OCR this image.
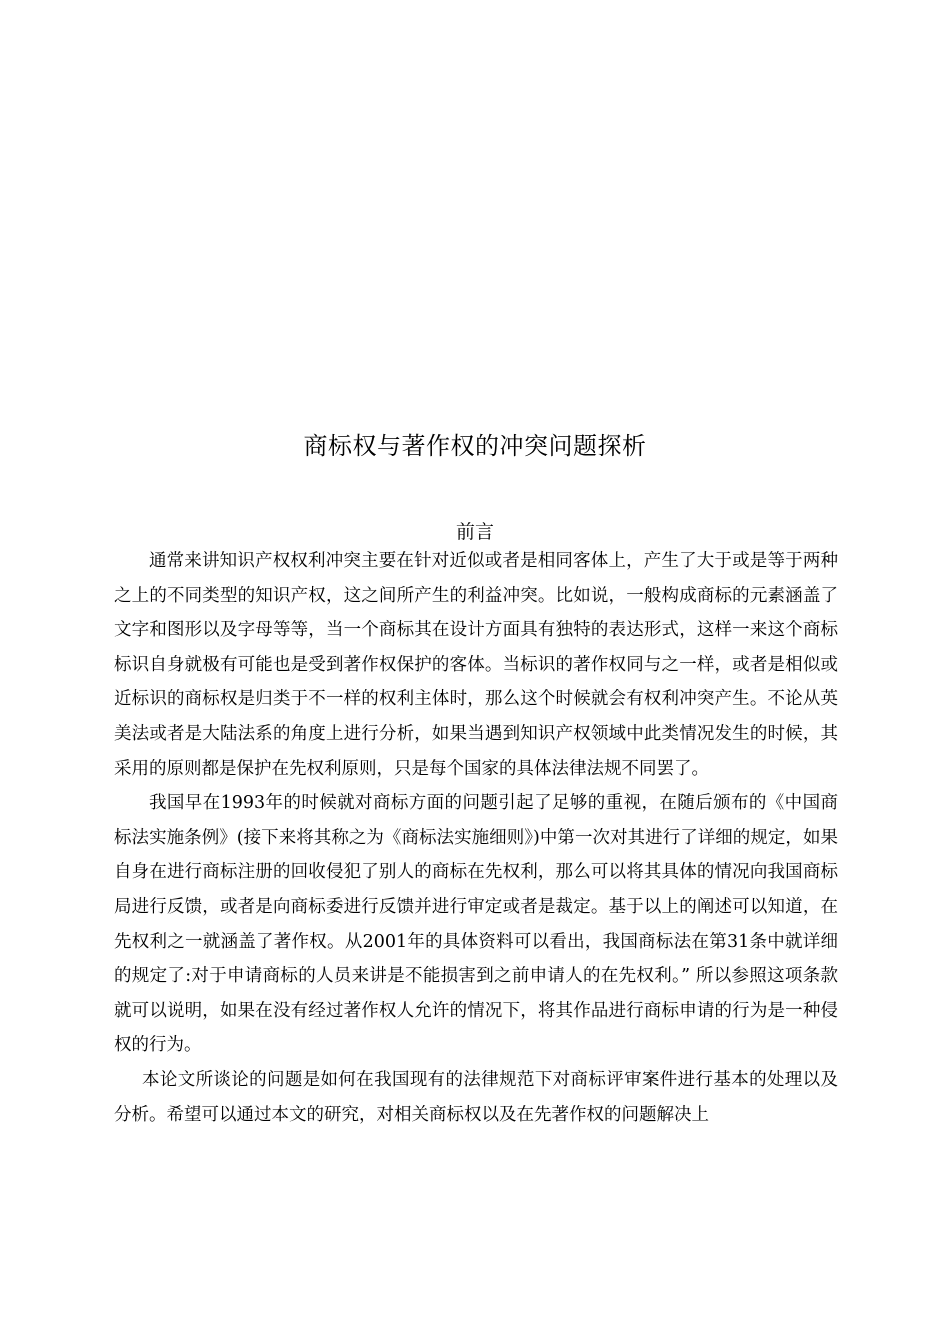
商标权与著作权的冲突问题探析
前言

通常来讲知识产权权利冲突主要在针对近似或者是相同客体上，产生了大于或是等于两种之上的不同类型的知识产权，这之间所产生的利益冲突。比如说，一般构成商标的元素涵盖了文字和图形以及字母等等，当一个商标其在设计方面具有独特的表达形式，这样一来这个商标标识自身就极有可能也是受到著作权保护的客体。当标识的著作权同与之一样，或者是相似或近标识的商标权是归类于不一样的权利主体时，那么这个时候就会有权利冲突产生。不论从英美法或者是大陆法系的角度上进行分析，如果当遇到知识产权领域中此类情况发生的时候，其采用的原则都是保护在先权利原则，只是每个国家的具体法律法规不同罢了。

我国早在1993年的时候就对商标方面的问题引起了足够的重视，在随后颁布的《中国商标法实施条例》(接下来将其称之为《商标法实施细则》)中第一次对其进行了详细的规定，如果自身在进行商标注册的回收侵犯了别人的商标在先权利，那么可以将其具体的情况向我国商标局进行反馈，或者是向商标委进行反馈并进行审定或者是裁定。基于以上的阐述可以知道，在先权利之一就涵盖了著作权。从2001年的具体资料可以看出，我国商标法在第31条中就详细的规定了:对于申请商标的人员来讲是不能损害到之前申请人的在先权利。” 所以参照这项条款就可以说明，如果在没有经过著作权人允许的情况下，将其作品进行商标申请的行为是一种侵权的行为。

本论文所谈论的问题是如何在我国现有的法律规范下对商标评审案件进行基本的处理以及分析。希望可以通过本文的研究，对相关商标权以及在先著作权的问题解决上
